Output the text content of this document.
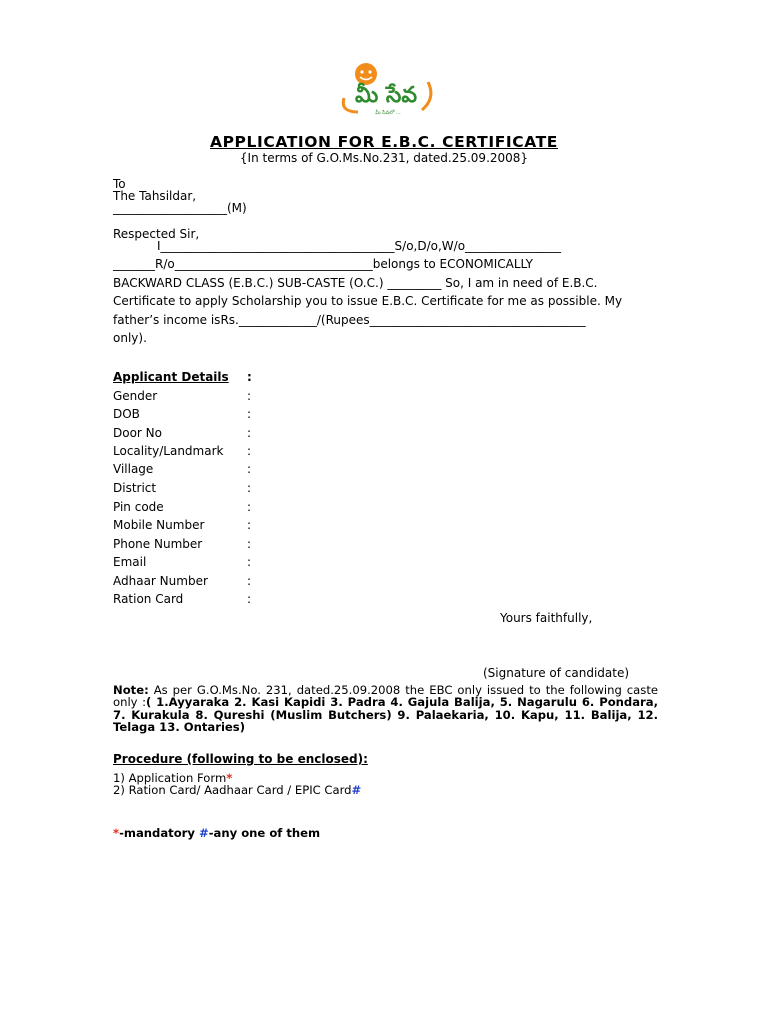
మీ సేవ
మీ సేవలో ...
APPLICATION FOR E.B.C. CERTIFICATE
{In terms of G.O.Ms.No.231, dated.25.09.2008}
To
The Tahsildar,
___________________(M)
Respected Sir,
I_______________________________________S/o,D/o,W/o________________
_______R/o_________________________________belongs to ECONOMICALLY
BACKWARD CLASS (E.B.C.) SUB-CASTE (O.C.) _________ So, I am in need of E.B.C.
Certificate to apply Scholarship you to issue E.B.C. Certificate for me as possible. My
father’s income isRs._____________/(Rupees____________________________________
only).
Applicant Details :
Gender	:
DOB	:
Door No	:
Locality/Landmark :
Village	:
District	:
Pin code	:
Mobile Number	:
Phone Number	:
Email	:
Adhaar Number	:
Ration Card	:
Yours faithfully,
(Signature of candidate)
Note: As per G.O.Ms.No. 231, dated.25.09.2008 the EBC only issued to the following caste only :( 1.Ayyaraka 2. Kasi Kapidi 3. Padra 4. Gajula Balija, 5. Nagarulu 6. Pondara, 7. Kurakula 8. Qureshi (Muslim Butchers) 9. Palaekaria, 10. Kapu, 11. Balija, 12. Telaga 13. Ontaries)
Procedure (following to be enclosed):
1) Application Form*
2) Ration Card/ Aadhaar Card / EPIC Card#
*-mandatory #-any one of them
